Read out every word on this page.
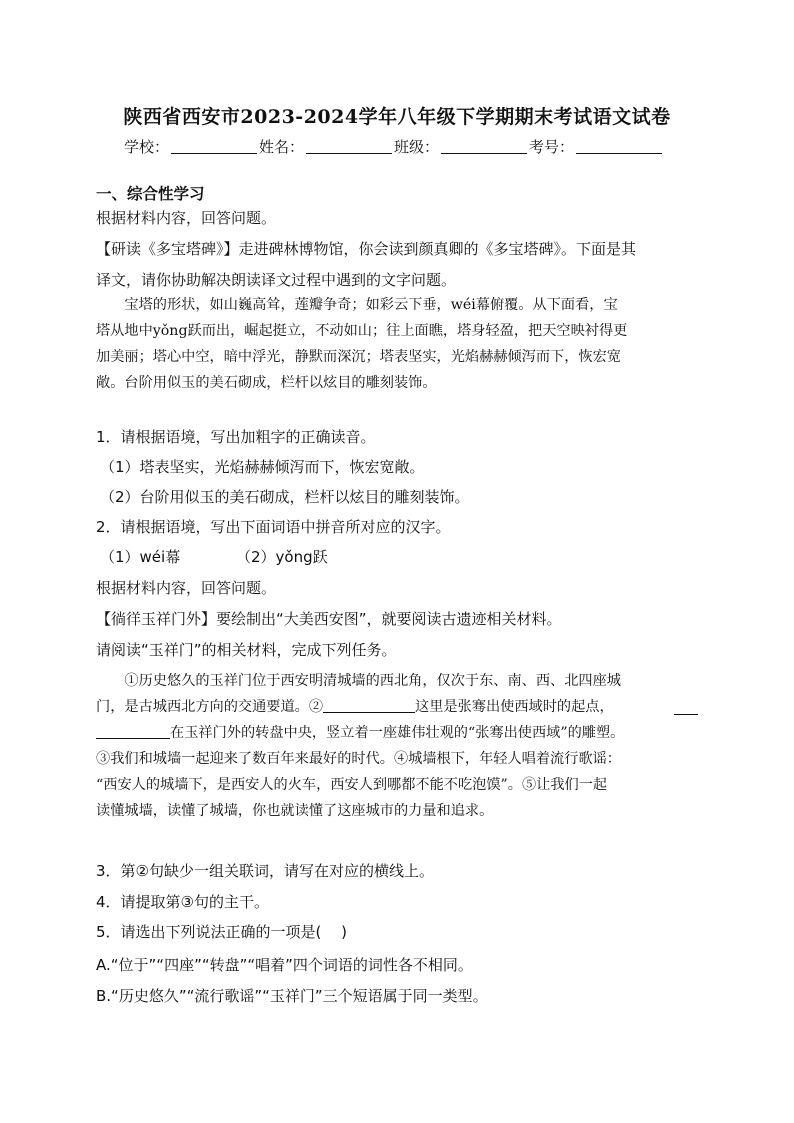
陕西省西安市2023-2024学年八年级下学期期末考试语文试卷
学校：	姓名：	班级：	考号：
一、综合性学习
根据材料内容，回答问题。
【研读《多宝塔碑》】走进碑林博物馆，你会读到颜真卿的《多宝塔碑》。下面是其
译文，请你协助解决朗读译文过程中遇到的文字问题。

宝塔的形状，如山巍高耸，莲瓣争奇；如彩云下垂，wéi幕俯覆。从下面看，宝

塔从地中yǒng跃而出，崛起挺立，不动如山；往上面瞧，塔身轻盈，把天空映衬得更

加美丽；塔心中空，暗中浮光，静默而深沉；塔表坚实，光焰赫赫倾泻而下，恢宏宽

敞。台阶用似玉的美石砌成，栏杆以炫目的雕刻装饰。

1．请根据语境，写出加粗字的正确读音。
（1）塔表坚实，光焰赫赫倾泻而下，恢宏宽敞。
（2）台阶用似玉的美石砌成，栏杆以炫目的雕刻装饰。
2．请根据语境，写出下面词语中拼音所对应的汉字。
（1）wéi幕	（2）yǒng跃
根据材料内容，回答问题。
【徜徉玉祥门外】要绘制出“大美西安图”，就要阅读古遗迹相关材料。
请阅读“玉祥门”的相关材料，完成下列任务。

①历史悠久的玉祥门位于西安明清城墙的西北角，仅次于东、南、西、北四座城

门，是古城西北方向的交通要道。②	这里是张骞出使西域时的起点，

在玉祥门外的转盘中央，竖立着一座雄伟壮观的“张骞出使西域”的雕塑。

③我们和城墙一起迎来了数百年来最好的时代。④城墙根下，年轻人唱着流行歌谣：

“西安人的城墙下，是西安人的火车，西安人到哪都不能不吃泡馍”。⑤让我们一起

读懂城墙，读懂了城墙，你也就读懂了这座城市的力量和追求。

3．第②句缺少一组关联词，请写在对应的横线上。
4．请提取第③句的主干。
5．请选出下列说法正确的一项是(　 )
A.“位于”“四座”“转盘”“唱着”四个词语的词性各不相同。
B.“历史悠久”“流行歌谣”“玉祥门”三个短语属于同一类型。
